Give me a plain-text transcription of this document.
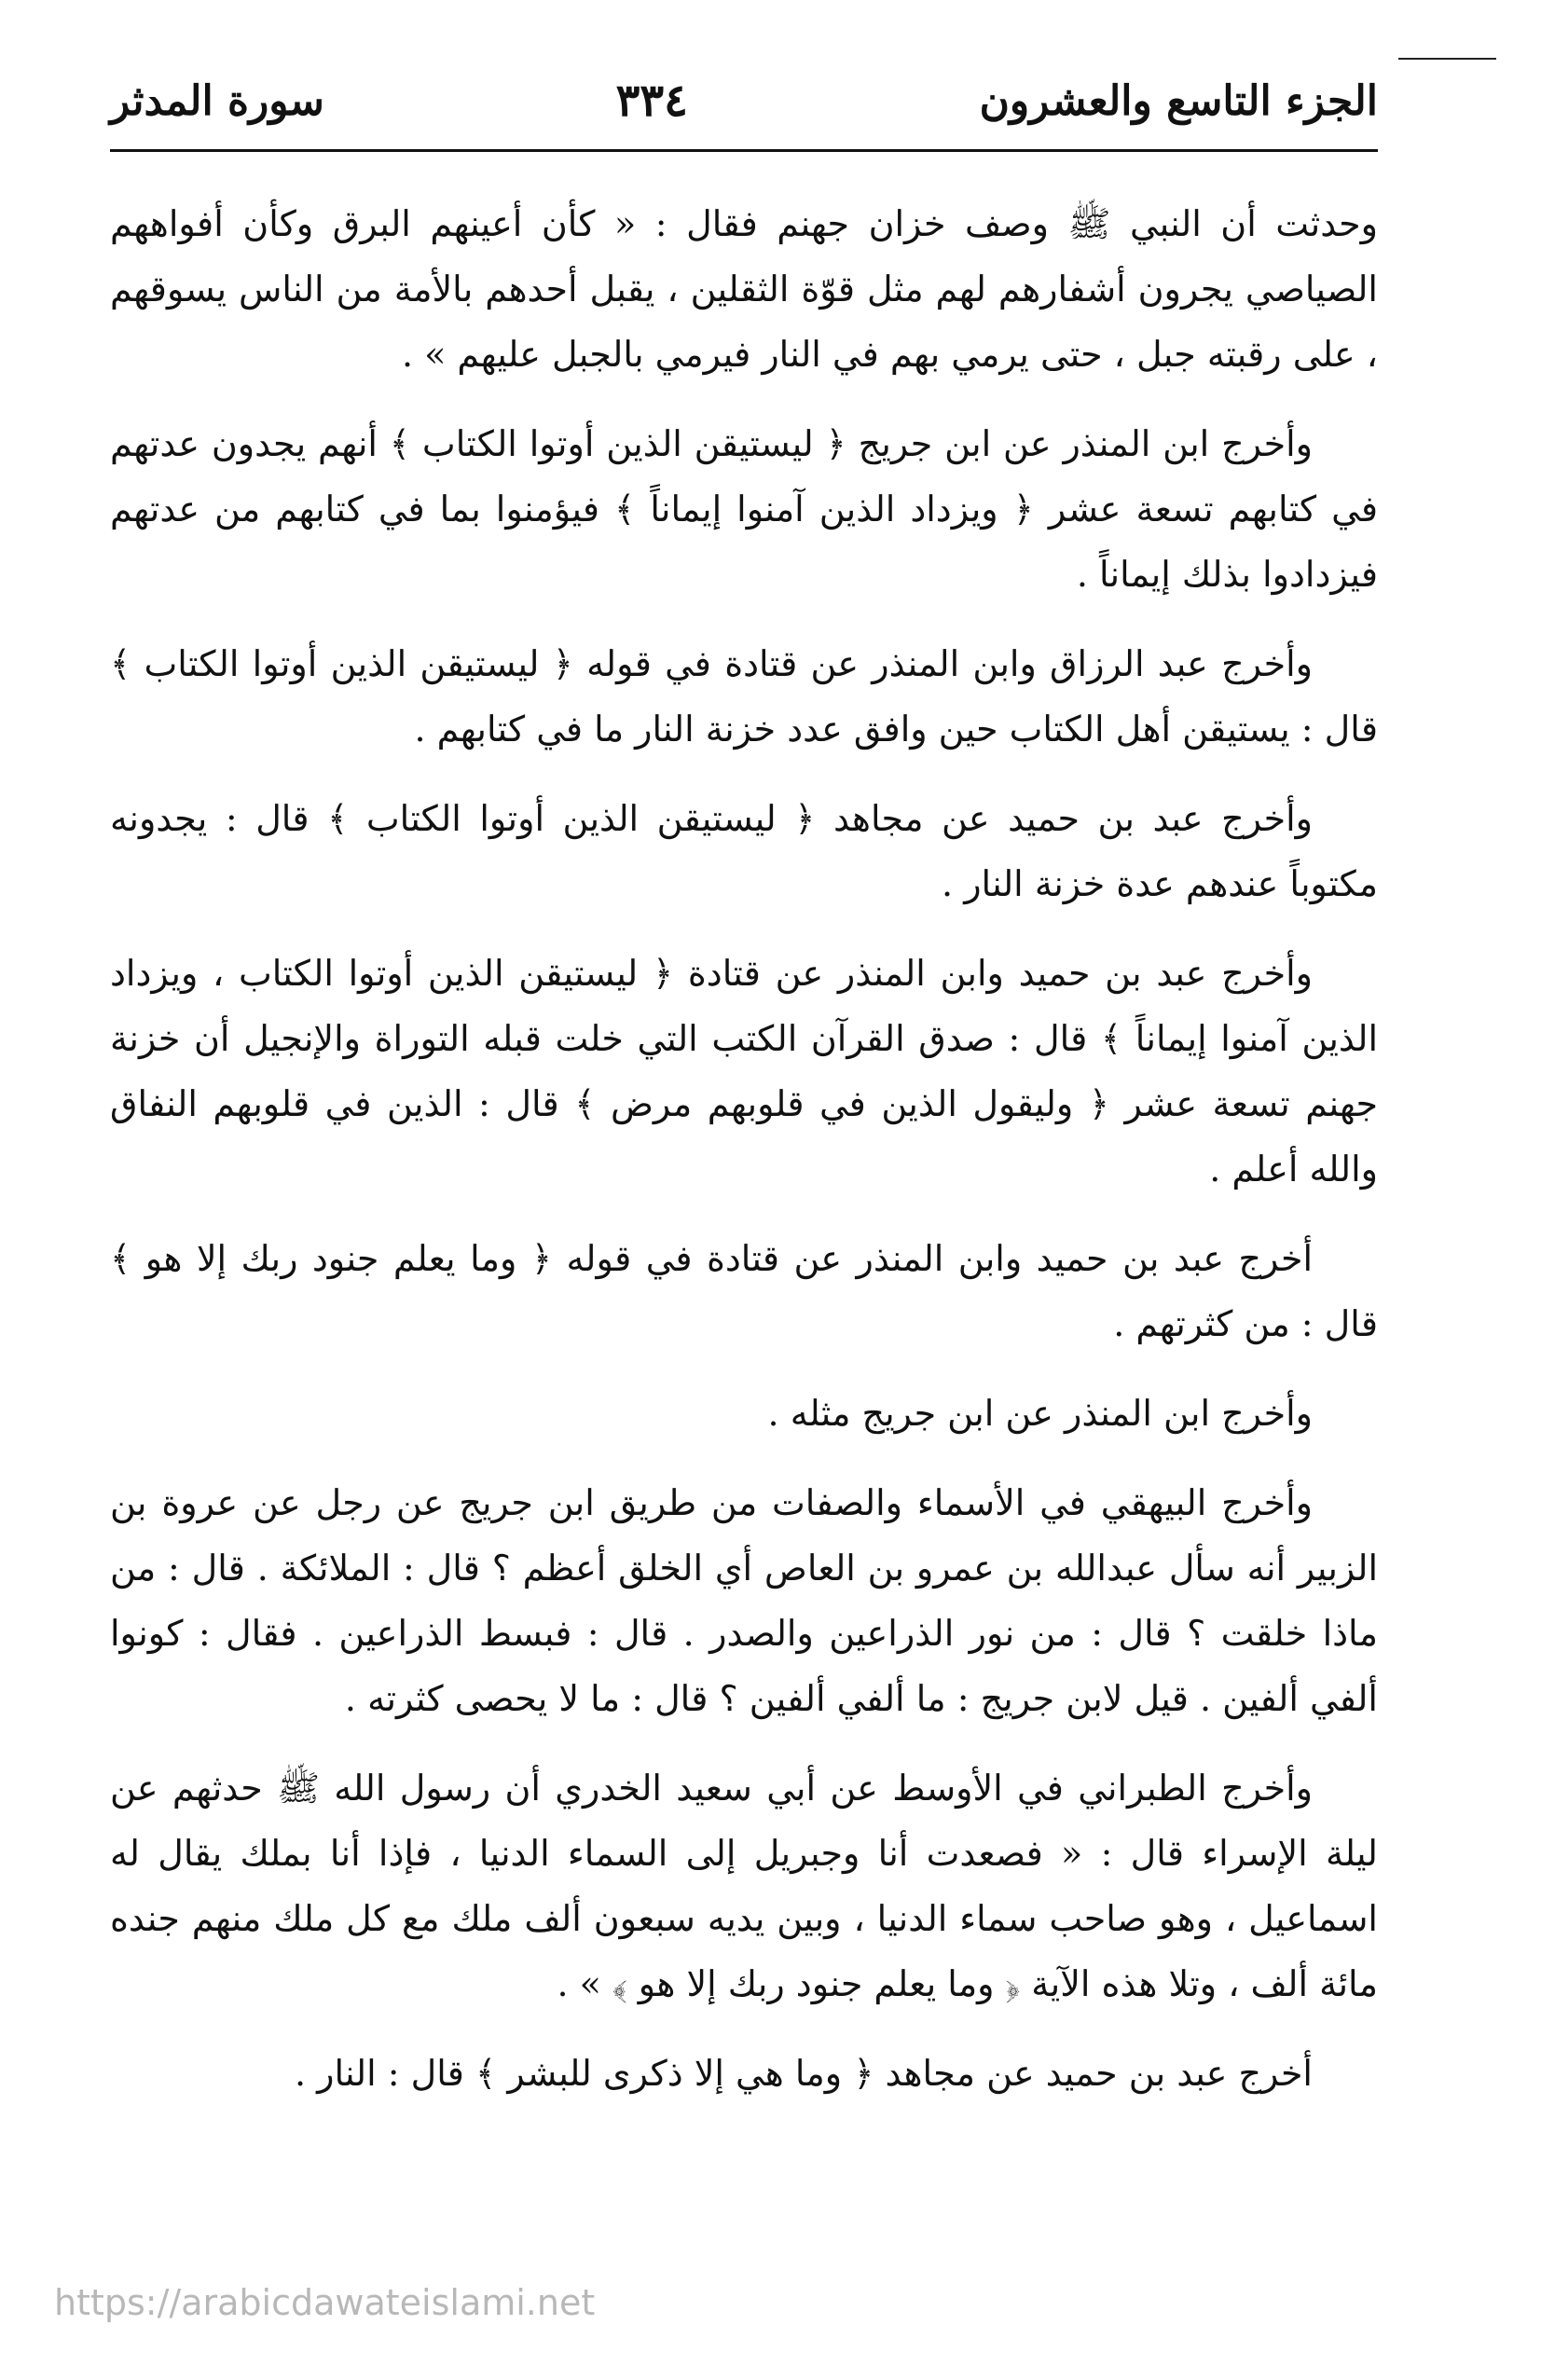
الجزء التاسع والعشرون
٣٣٤
سورة المدثر

وحدثت أن النبي ﷺ وصف خزان جهنم فقال : « كأن أعينهم البرق وكأن أفواههم الصياصي يجرون أشفارهم لهم مثل قوّة الثقلين ، يقبل أحدهم بالأمة من الناس يسوقهم ، على رقبته جبل ، حتى يرمي بهم في النار فيرمي بالجبل عليهم » .

وأخرج ابن المنذر عن ابن جريج ﴿ ليستيقن الذين أوتوا الكتاب ﴾ أنهم يجدون عدتهم في كتابهم تسعة عشر ﴿ ويزداد الذين آمنوا إيماناً ﴾ فيؤمنوا بما في كتابهم من عدتهم فيزدادوا بذلك إيماناً .

وأخرج عبد الرزاق وابن المنذر عن قتادة في قوله ﴿ ليستيقن الذين أوتوا الكتاب ﴾ قال : يستيقن أهل الكتاب حين وافق عدد خزنة النار ما في كتابهم .

وأخرج عبد بن حميد عن مجاهد ﴿ ليستيقن الذين أوتوا الكتاب ﴾ قال : يجدونه مكتوباً عندهم عدة خزنة النار .

وأخرج عبد بن حميد وابن المنذر عن قتادة ﴿ ليستيقن الذين أوتوا الكتاب ، ويزداد الذين آمنوا إيماناً ﴾ قال : صدق القرآن الكتب التي خلت قبله التوراة والإنجيل أن خزنة جهنم تسعة عشر ﴿ وليقول الذين في قلوبهم مرض ﴾ قال : الذين في قلوبهم النفاق والله أعلم .

أخرج عبد بن حميد وابن المنذر عن قتادة في قوله ﴿ وما يعلم جنود ربك إلا هو ﴾ قال : من كثرتهم .

وأخرج ابن المنذر عن ابن جريج مثله .

وأخرج البيهقي في الأسماء والصفات من طريق ابن جريج عن رجل عن عروة بن الزبير أنه سأل عبدالله بن عمرو بن العاص أي الخلق أعظم ؟ قال : الملائكة . قال : من ماذا خلقت ؟ قال : من نور الذراعين والصدر . قال : فبسط الذراعين . فقال : كونوا ألفي ألفين . قيل لابن جريج : ما ألفي ألفين ؟ قال : ما لا يحصى كثرته .

وأخرج الطبراني في الأوسط عن أبي سعيد الخدري أن رسول الله ﷺ حدثهم عن ليلة الإسراء قال : « فصعدت أنا وجبريل إلى السماء الدنيا ، فإذا أنا بملك يقال له اسماعيل ، وهو صاحب سماء الدنيا ، وبين يديه سبعون ألف ملك مع كل ملك منهم جنده مائة ألف ، وتلا هذه الآية ﴿ وما يعلم جنود ربك إلا هو ﴾ » .

أخرج عبد بن حميد عن مجاهد ﴿ وما هي إلا ذكرى للبشر ﴾ قال : النار .

https://arabicdawateislami.net
